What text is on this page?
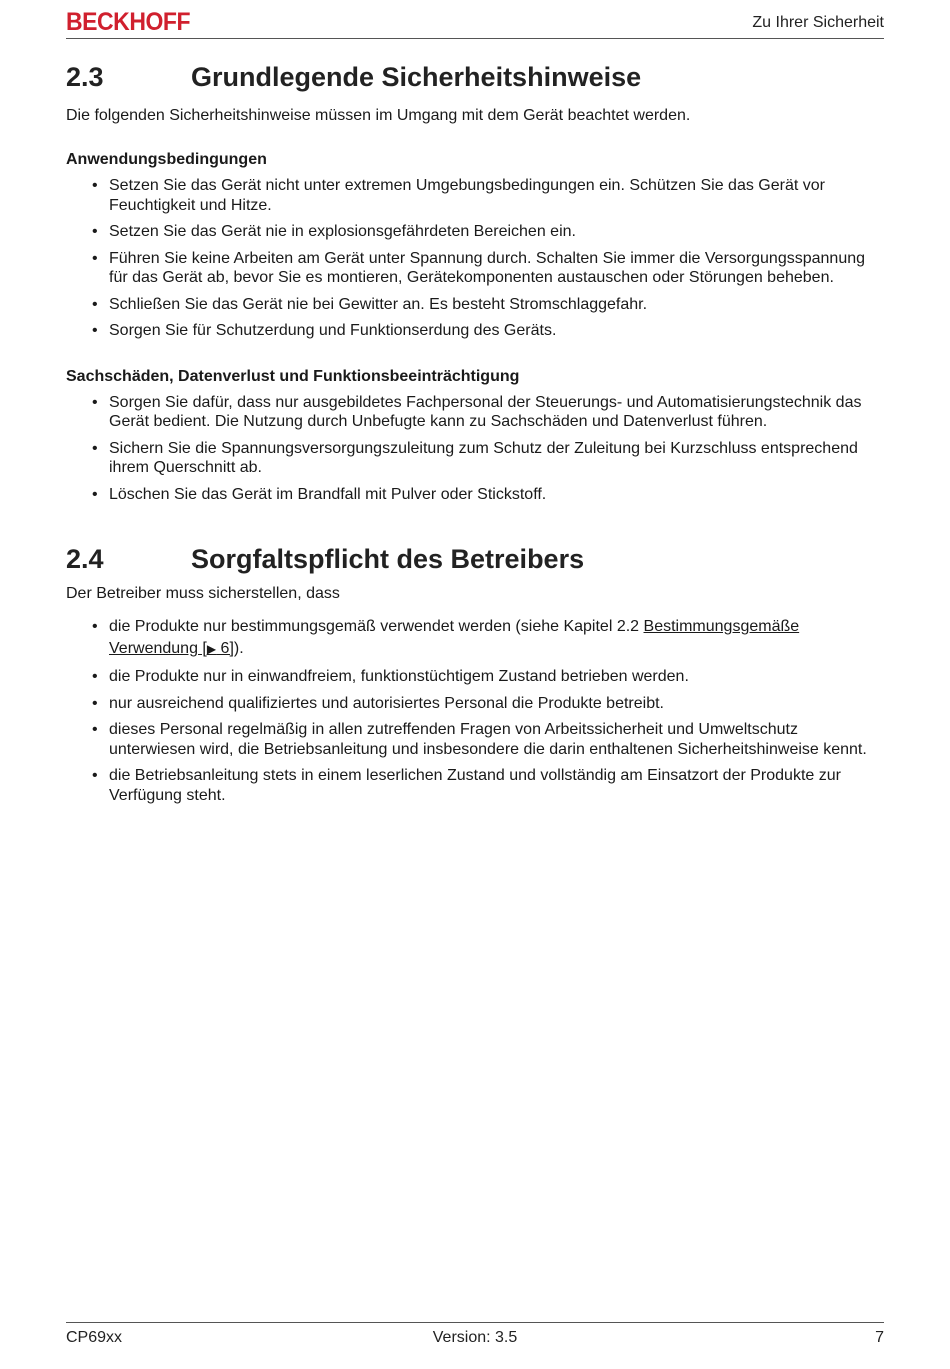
BECKHOFF	Zu Ihrer Sicherheit
2.3	Grundlegende Sicherheitshinweise

Die folgenden Sicherheitshinweise müssen im Umgang mit dem Gerät beachtet werden.

Anwendungsbedingungen
• Setzen Sie das Gerät nicht unter extremen Umgebungsbedingungen ein. Schützen Sie das Gerät vor Feuchtigkeit und Hitze.
• Setzen Sie das Gerät nie in explosionsgefährdeten Bereichen ein.
• Führen Sie keine Arbeiten am Gerät unter Spannung durch. Schalten Sie immer die Versorgungsspannung für das Gerät ab, bevor Sie es montieren, Gerätekomponenten austauschen oder Störungen beheben.
• Schließen Sie das Gerät nie bei Gewitter an. Es besteht Stromschlaggefahr.
• Sorgen Sie für Schutzerdung und Funktionserdung des Geräts.
Sachschäden, Datenverlust und Funktionsbeeinträchtigung
• Sorgen Sie dafür, dass nur ausgebildetes Fachpersonal der Steuerungs- und Automatisierungstechnik das Gerät bedient. Die Nutzung durch Unbefugte kann zu Sachschäden und Datenverlust führen.
• Sichern Sie die Spannungsversorgungszuleitung zum Schutz der Zuleitung bei Kurzschluss entsprechend ihrem Querschnitt ab.
• Löschen Sie das Gerät im Brandfall mit Pulver oder Stickstoff.
2.4	Sorgfaltspflicht des Betreibers

Der Betreiber muss sicherstellen, dass

• die Produkte nur bestimmungsgemäß verwendet werden (siehe Kapitel 2.2 Bestimmungsgemäße Verwendung [▶ 6]).
• die Produkte nur in einwandfreiem, funktionstüchtigem Zustand betrieben werden.
• nur ausreichend qualifiziertes und autorisiertes Personal die Produkte betreibt.
• dieses Personal regelmäßig in allen zutreffenden Fragen von Arbeitssicherheit und Umweltschutz unterwiesen wird, die Betriebsanleitung und insbesondere die darin enthaltenen Sicherheitshinweise kennt.
• die Betriebsanleitung stets in einem leserlichen Zustand und vollständig am Einsatzort der Produkte zur Verfügung steht.
CP69xx	Version: 3.5	7
